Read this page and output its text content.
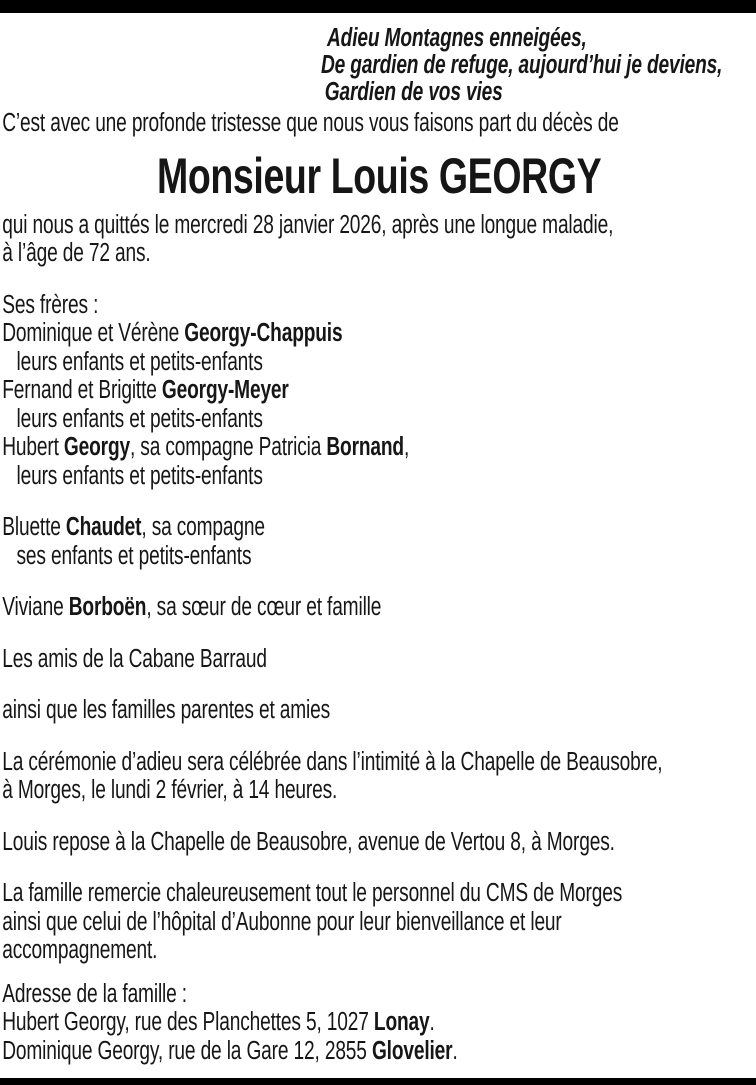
Adieu Montagnes enneigées,
De gardien de refuge, aujourd’hui je deviens,
Gardien de vos vies
C’est avec une profonde tristesse que nous vous faisons part du décès de
Monsieur Louis GEORGY
qui nous a quittés le mercredi 28 janvier 2026, après une longue maladie,
à l’âge de 72 ans.
Ses frères :
Dominique et Vérène Georgy-Chappuis
leurs enfants et petits-enfants
Fernand et Brigitte Georgy-Meyer
leurs enfants et petits-enfants
Hubert Georgy, sa compagne Patricia Bornand,
leurs enfants et petits-enfants
Bluette Chaudet, sa compagne
ses enfants et petits-enfants
Viviane Borboën, sa sœur de cœur et famille
Les amis de la Cabane Barraud
ainsi que les familles parentes et amies
La cérémonie d’adieu sera célébrée dans l’intimité à la Chapelle de Beausobre,
à Morges, le lundi 2 février, à 14 heures.
Louis repose à la Chapelle de Beausobre, avenue de Vertou 8, à Morges.
La famille remercie chaleureusement tout le personnel du CMS de Morges
ainsi que celui de l’hôpital d’Aubonne pour leur bienveillance et leur
accompagnement.
Adresse de la famille :
Hubert Georgy, rue des Planchettes 5, 1027 Lonay.
Dominique Georgy, rue de la Gare 12, 2855 Glovelier.
